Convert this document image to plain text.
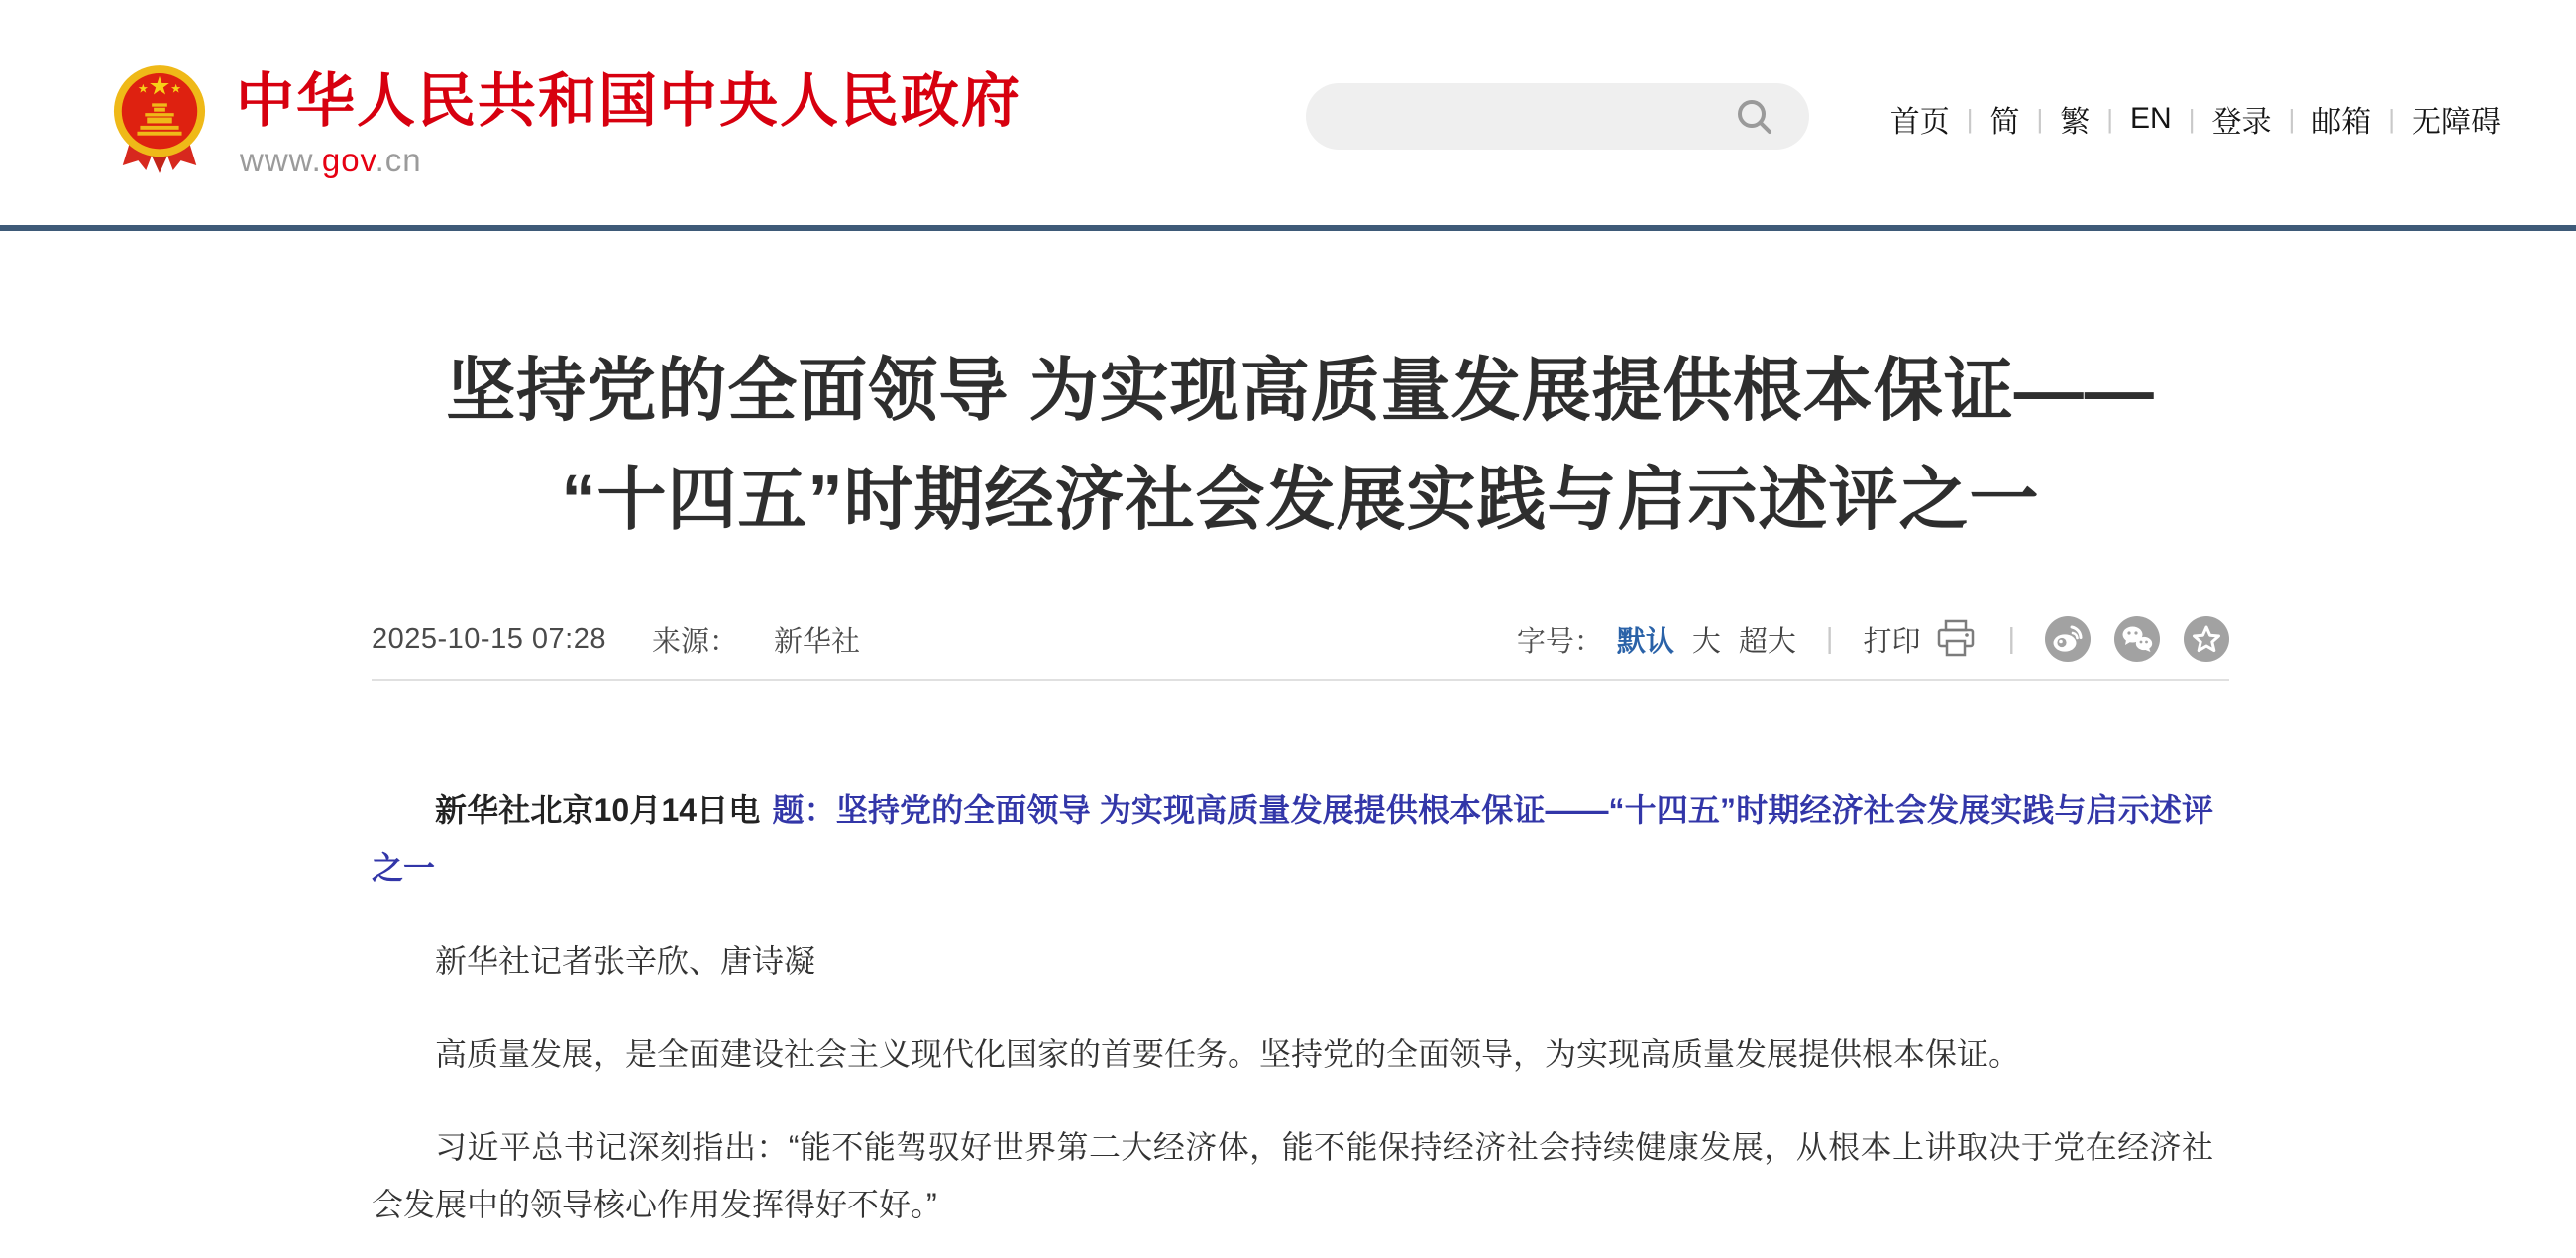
中华人民共和国中央人民政府
www.gov.cn
首页 | 简 | 繁 | EN | 登录 | 邮箱 | 无障碍
坚持党的全面领导 为实现高质量发展提供根本保证——
“十四五”时期经济社会发展实践与启示述评之一
2025-10-15 07:28 来源： 新华社	字号： 默认 大 超大 | 打印	|

新华社北京10月14日电 题：坚持党的全面领导 为实现高质量发展提供根本保证——“十四五”时期经济社会发展实践与启示述评之一

新华社记者张辛欣、唐诗凝

高质量发展，是全面建设社会主义现代化国家的首要任务。坚持党的全面领导，为实现高质量发展提供根本保证。

习近平总书记深刻指出：“能不能驾驭好世界第二大经济体，能不能保持经济社会持续健康发展，从根本上讲取决于党在经济社会发展中的领导核心作用发挥得好不好。”
